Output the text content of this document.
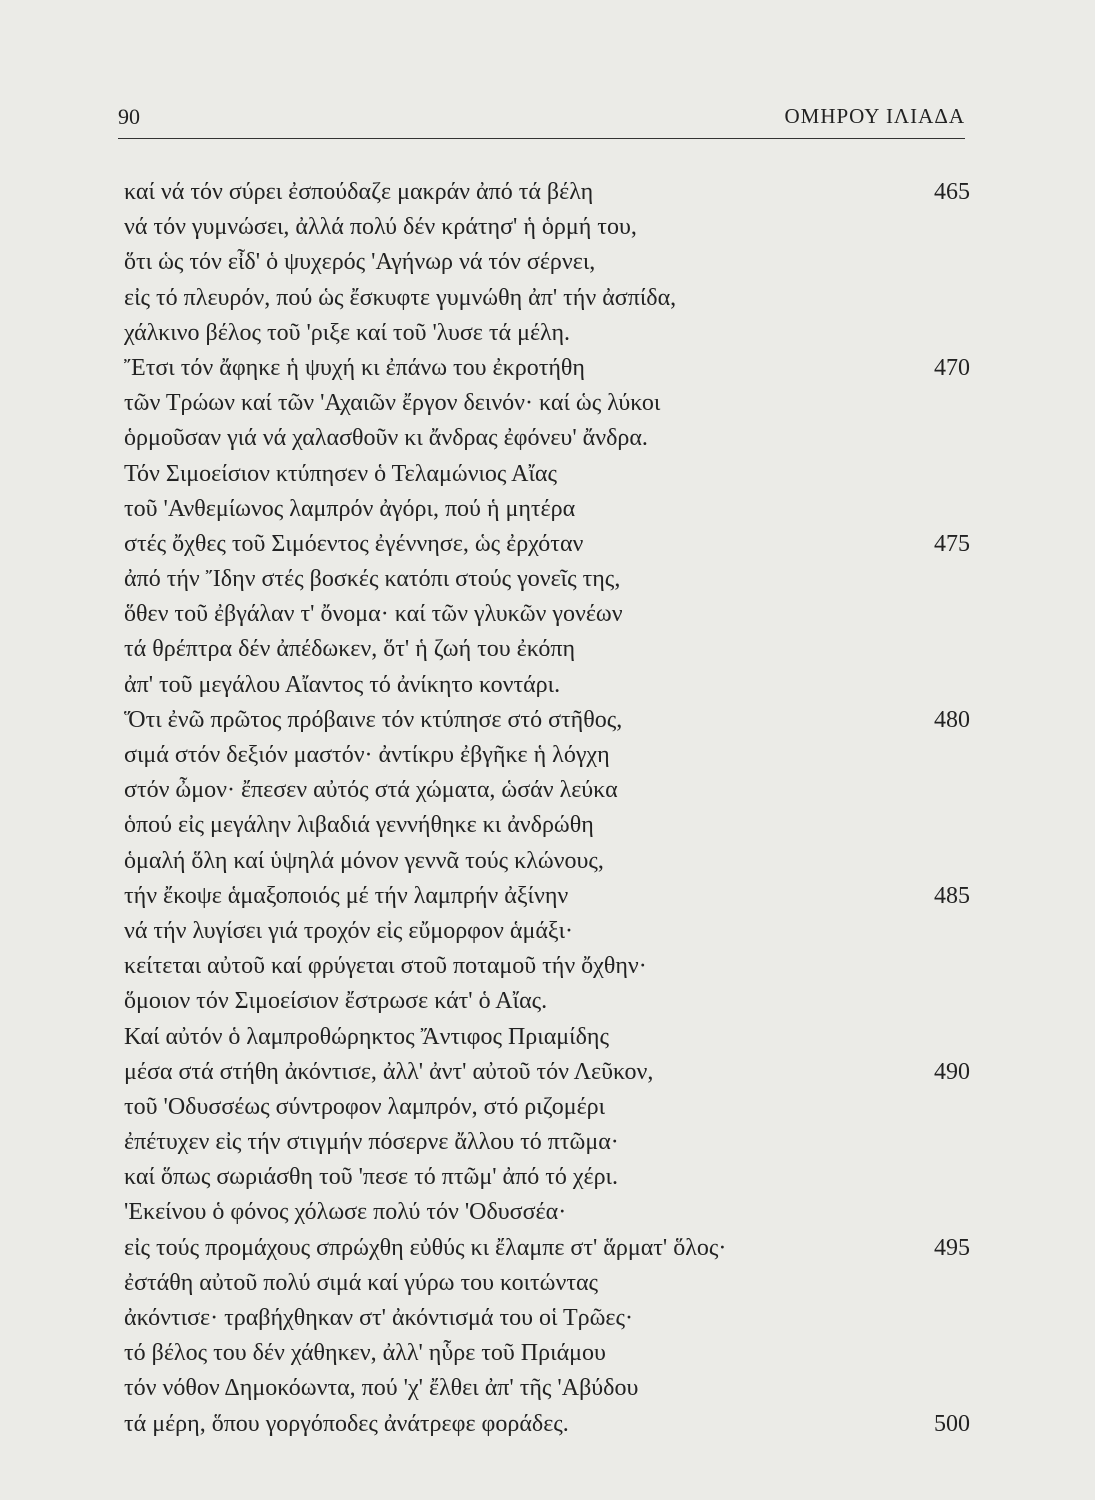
90	ΟΜΗΡΟΥ ΙΛΙΑΔΑ
καί νά τόν σύρει ἐσπούδαζε μακράν ἀπό τά βέλη	465
νά τόν γυμνώσει, ἀλλά πολύ δέν κράτησ' ἡ ὁρμή του,
ὅτι ὡς τόν εἶδ' ὁ ψυχερός 'Αγήνωρ νά τόν σέρνει,
εἰς τό πλευρόν, πού ὡς ἔσκυφτε γυμνώθη ἀπ' τήν ἀσπίδα,
χάλκινο βέλος τοῦ 'ριξε καί τοῦ 'λυσε τά μέλη.
Ἔτσι τόν ἄφηκε ἡ ψυχή κι ἐπάνω του ἐκροτήθη	470
τῶν Τρώων καί τῶν 'Αχαιῶν ἔργον δεινόν· καί ὡς λύκοι
ὁρμοῦσαν γιά νά χαλασθοῦν κι ἄνδρας ἐφόνευ' ἄνδρα.
Τόν Σιμοείσιον κτύπησεν ὁ Τελαμώνιος Αἴας
τοῦ 'Ανθεμίωνος λαμπρόν ἀγόρι, πού ἡ μητέρα
στές ὄχθες τοῦ Σιμόεντος ἐγέννησε, ὡς ἐρχόταν	475
ἀπό τήν Ἴδην στές βοσκές κατόπι στούς γονεῖς της,
ὅθεν τοῦ ἐβγάλαν τ' ὄνομα· καί τῶν γλυκῶν γονέων
τά θρέπτρα δέν ἀπέδωκεν, ὅτ' ἡ ζωή του ἐκόπη
ἀπ' τοῦ μεγάλου Αἴαντος τό ἀνίκητο κοντάρι.
Ὅτι ἐνῶ πρῶτος πρόβαινε τόν κτύπησε στό στῆθος,	480
σιμά στόν δεξιόν μαστόν· ἀντίκρυ ἐβγῆκε ἡ λόγχη
στόν ὦμον· ἔπεσεν αὐτός στά χώματα, ὡσάν λεύκα
ὁπού εἰς μεγάλην λιβαδιά γεννήθηκε κι ἀνδρώθη
ὁμαλή ὅλη καί ὑψηλά μόνον γεννᾶ τούς κλώνους,
τήν ἔκοψε ἁμαξοποιός μέ τήν λαμπρήν ἀξίνην	485
νά τήν λυγίσει γιά τροχόν εἰς εὔμορφον ἁμάξι·
κείτεται αὐτοῦ καί φρύγεται στοῦ ποταμοῦ τήν ὄχθην·
ὅμοιον τόν Σιμοείσιον ἔστρωσε κάτ' ὁ Αἴας.
Καί αὐτόν ὁ λαμπροθώρηκτος Ἄντιφος Πριαμίδης
μέσα στά στήθη ἀκόντισε, ἀλλ' ἀντ' αὐτοῦ τόν Λεῦκον,	490
τοῦ 'Οδυσσέως σύντροφον λαμπρόν, στό ριζομέρι
ἐπέτυχεν εἰς τήν στιγμήν πόσερνε ἄλλου τό πτῶμα·
καί ὅπως σωριάσθη τοῦ 'πεσε τό πτῶμ' ἀπό τό χέρι.
'Εκείνου ὁ φόνος χόλωσε πολύ τόν 'Οδυσσέα·
εἰς τούς προμάχους σπρώχθη εὐθύς κι ἔλαμπε στ' ἅρματ' ὅλος·	495
ἐστάθη αὐτοῦ πολύ σιμά καί γύρω του κοιτώντας
ἀκόντισε· τραβήχθηκαν στ' ἀκόντισμά του οἱ Τρῶες·
τό βέλος του δέν χάθηκεν, ἀλλ' ηὗρε τοῦ Πριάμου
τόν νόθον Δημοκόωντα, πού 'χ' ἔλθει ἀπ' τῆς 'Αβύδου
τά μέρη, ὅπου γοργόποδες ἀνάτρεφε φοράδες.	500
